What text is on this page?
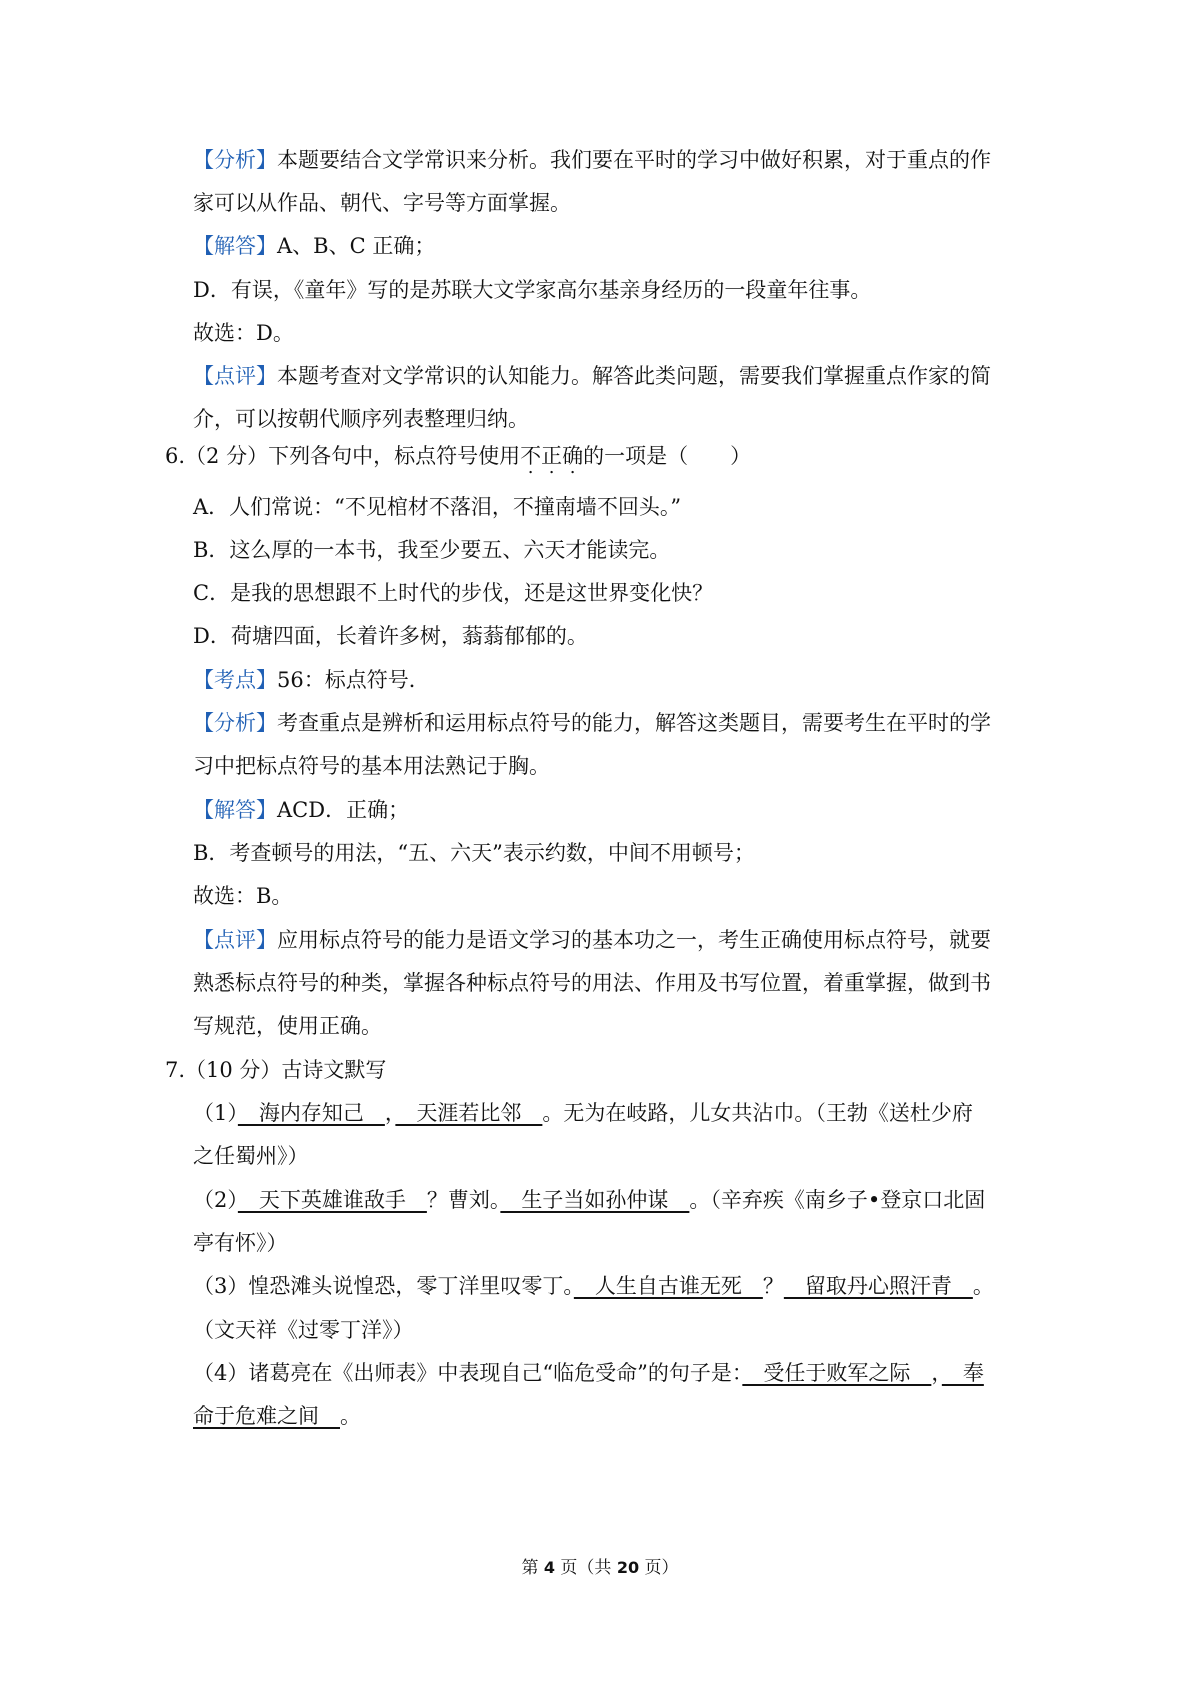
【分析】本题要结合文学常识来分析。我们要在平时的学习中做好积累，对于重点的作
家可以从作品、朝代、字号等方面掌握。
【解答】A、B、C 正确；
D．有误，《童年》写的是苏联大文学家高尔基亲身经历的一段童年往事。
故选：D。
【点评】本题考查对文学常识的认知能力。解答此类问题，需要我们掌握重点作家的简
介，可以按朝代顺序列表整理归纳。
6.（2 分）下列各句中，标点符号使用不正确的一项是（　　）
A．人们常说：“不见棺材不落泪，不撞南墙不回头。”
B．这么厚的一本书，我至少要五、六天才能读完。
C．是我的思想跟不上时代的步伐，还是这世界变化快？
D．荷塘四面，长着许多树，蓊蓊郁郁的。
【考点】56：标点符号．
【分析】考查重点是辨析和运用标点符号的能力，解答这类题目，需要考生在平时的学
习中把标点符号的基本用法熟记于胸。
【解答】ACD．正确；
B．考查顿号的用法，“五、六天”表示约数，中间不用顿号；
故选：B。
【点评】应用标点符号的能力是语文学习的基本功之一，考生正确使用标点符号，就要
熟悉标点符号的种类，掌握各种标点符号的用法、作用及书写位置，着重掌握，做到书
写规范，使用正确。
7.（10 分）古诗文默写
（1）　海内存知己　，　天涯若比邻　。无为在岐路，儿女共沾巾。（王勃《送杜少府
之任蜀州》）
（2）　天下英雄谁敌手　？曹刘。　生子当如孙仲谋　。（辛弃疾《南乡子•登京口北固
亭有怀》）
（3）惶恐滩头说惶恐，零丁洋里叹零丁。　人生自古谁无死　？　留取丹心照汗青　。
（文天祥《过零丁洋》）
（4）诸葛亮在《出师表》中表现自己“临危受命”的句子是：　受任于败军之际　，　奉
命于危难之间　。
第 4 页（共 20 页）
